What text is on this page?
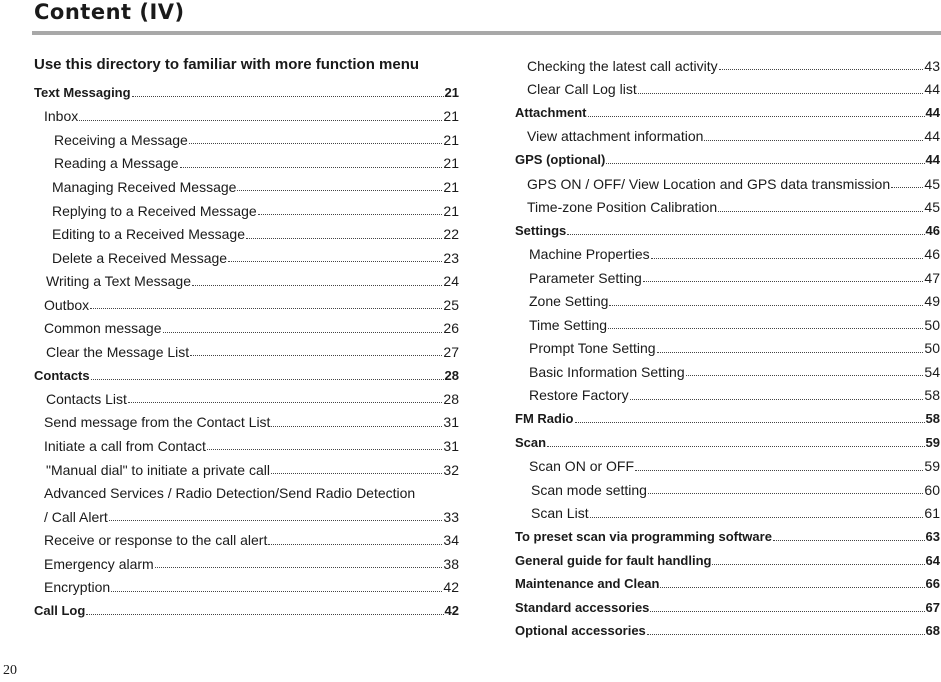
Content (IV)
Use this directory to familiar with more function menu
Text Messaging	21
Inbox	21
Receiving a Message	21
Reading a Message	21
Managing Received Message	21
Replying to a Received Message	21
Editing to a Received Message	22
Delete a Received Message	23
Writing a Text Message	24
Outbox	25
Common message	26
Clear the Message List	27
Contacts	28
Contacts List	28
Send message from the Contact List	31
Initiate a call from Contact	31
"Manual dial" to initiate a private call	32
Advanced Services / Radio Detection/Send Radio Detection
/ Call Alert	33
Receive or response to the call alert	34
Emergency alarm	38
Encryption	42
Call Log	42
Checking the latest call activity	43
Clear Call Log list	44
Attachment	44
View attachment information	44
GPS (optional)	44
GPS ON / OFF/ View Location and GPS data transmission 45
Time-zone Position Calibration	45
Settings	46
Machine Properties	46
Parameter Setting	47
Zone Setting	49
Time Setting	50
Prompt Tone Setting	50
Basic Information Setting	54
Restore Factory	58
FM Radio	58
Scan	59
Scan ON or OFF	59
Scan mode setting	60
Scan List	61
To preset scan via programming software	63
General guide for fault handling	64
Maintenance and Clean	66
Standard accessories	67
Optional accessories	68
20
